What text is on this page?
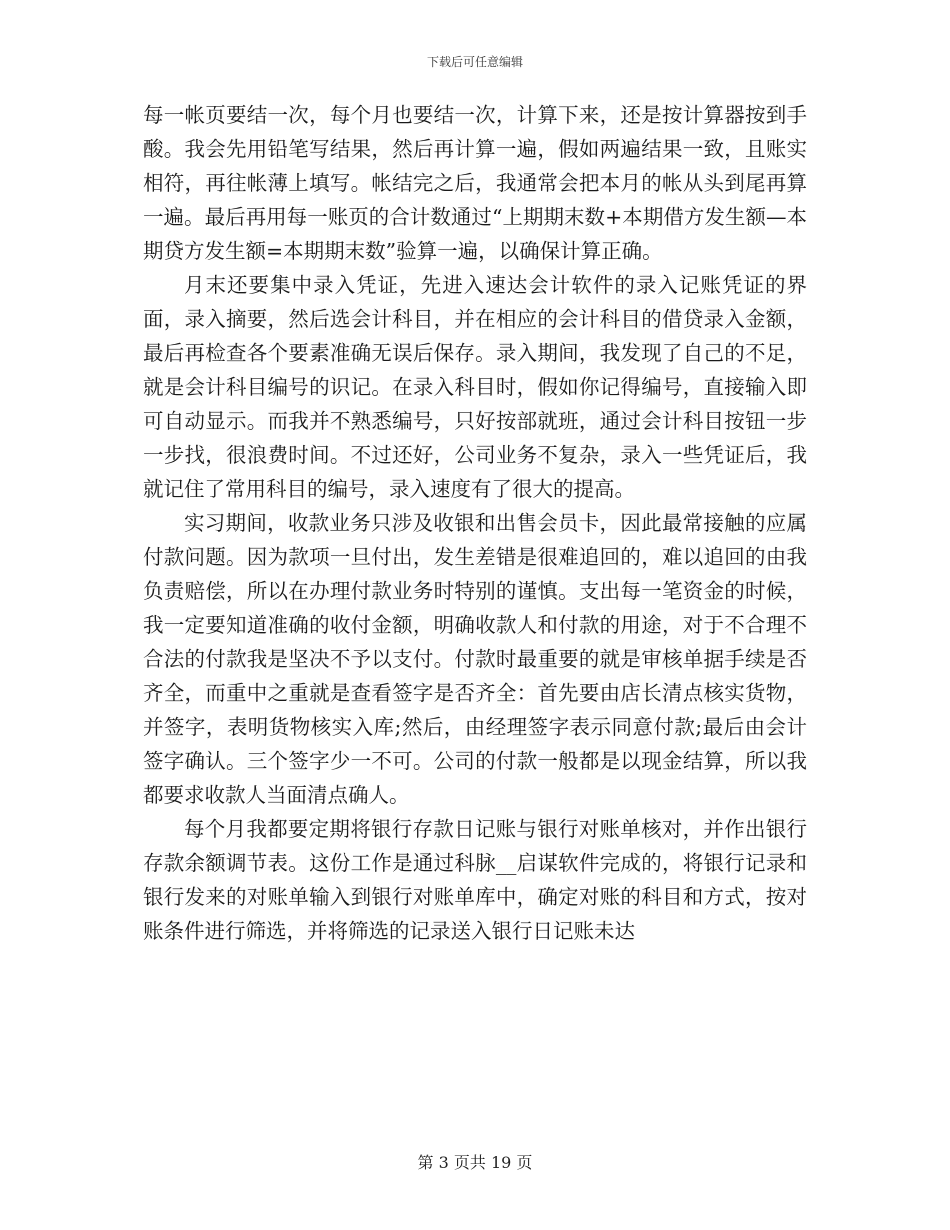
下载后可任意编辑

每一帐页要结一次，每个月也要结一次，计算下来，还是按计算器按到手酸。我会先用铅笔写结果，然后再计算一遍，假如两遍结果一致，且账实相符，再往帐薄上填写。帐结完之后，我通常会把本月的帐从头到尾再算一遍。最后再用每一账页的合计数通过“上期期末数+本期借方发生额—本期贷方发生额=本期期末数”验算一遍，以确保计算正确。

月末还要集中录入凭证，先进入速达会计软件的录入记账凭证的界面，录入摘要，然后选会计科目，并在相应的会计科目的借贷录入金额，最后再检查各个要素准确无误后保存。录入期间，我发现了自己的不足，就是会计科目编号的识记。在录入科目时，假如你记得编号，直接输入即可自动显示。而我并不熟悉编号，只好按部就班，通过会计科目按钮一步一步找，很浪费时间。不过还好，公司业务不复杂，录入一些凭证后，我就记住了常用科目的编号，录入速度有了很大的提高。

实习期间，收款业务只涉及收银和出售会员卡，因此最常接触的应属付款问题。因为款项一旦付出，发生差错是很难追回的，难以追回的由我负责赔偿，所以在办理付款业务时特别的谨慎。支出每一笔资金的时候，我一定要知道准确的收付金额，明确收款人和付款的用途，对于不合理不合法的付款我是坚决不予以支付。付款时最重要的就是审核单据手续是否齐全，而重中之重就是查看签字是否齐全：首先要由店长清点核实货物，并签字，表明货物核实入库;然后，由经理签字表示同意付款;最后由会计签字确认。三个签字少一不可。公司的付款一般都是以现金结算，所以我都要求收款人当面清点确人。

每个月我都要定期将银行存款日记账与银行对账单核对，并作出银行存款余额调节表。这份工作是通过科脉__启谋软件完成的，将银行记录和银行发来的对账单输入到银行对账单库中，确定对账的科目和方式，按对账条件进行筛选，并将筛选的记录送入银行日记账未达

第 3 页共 19 页
